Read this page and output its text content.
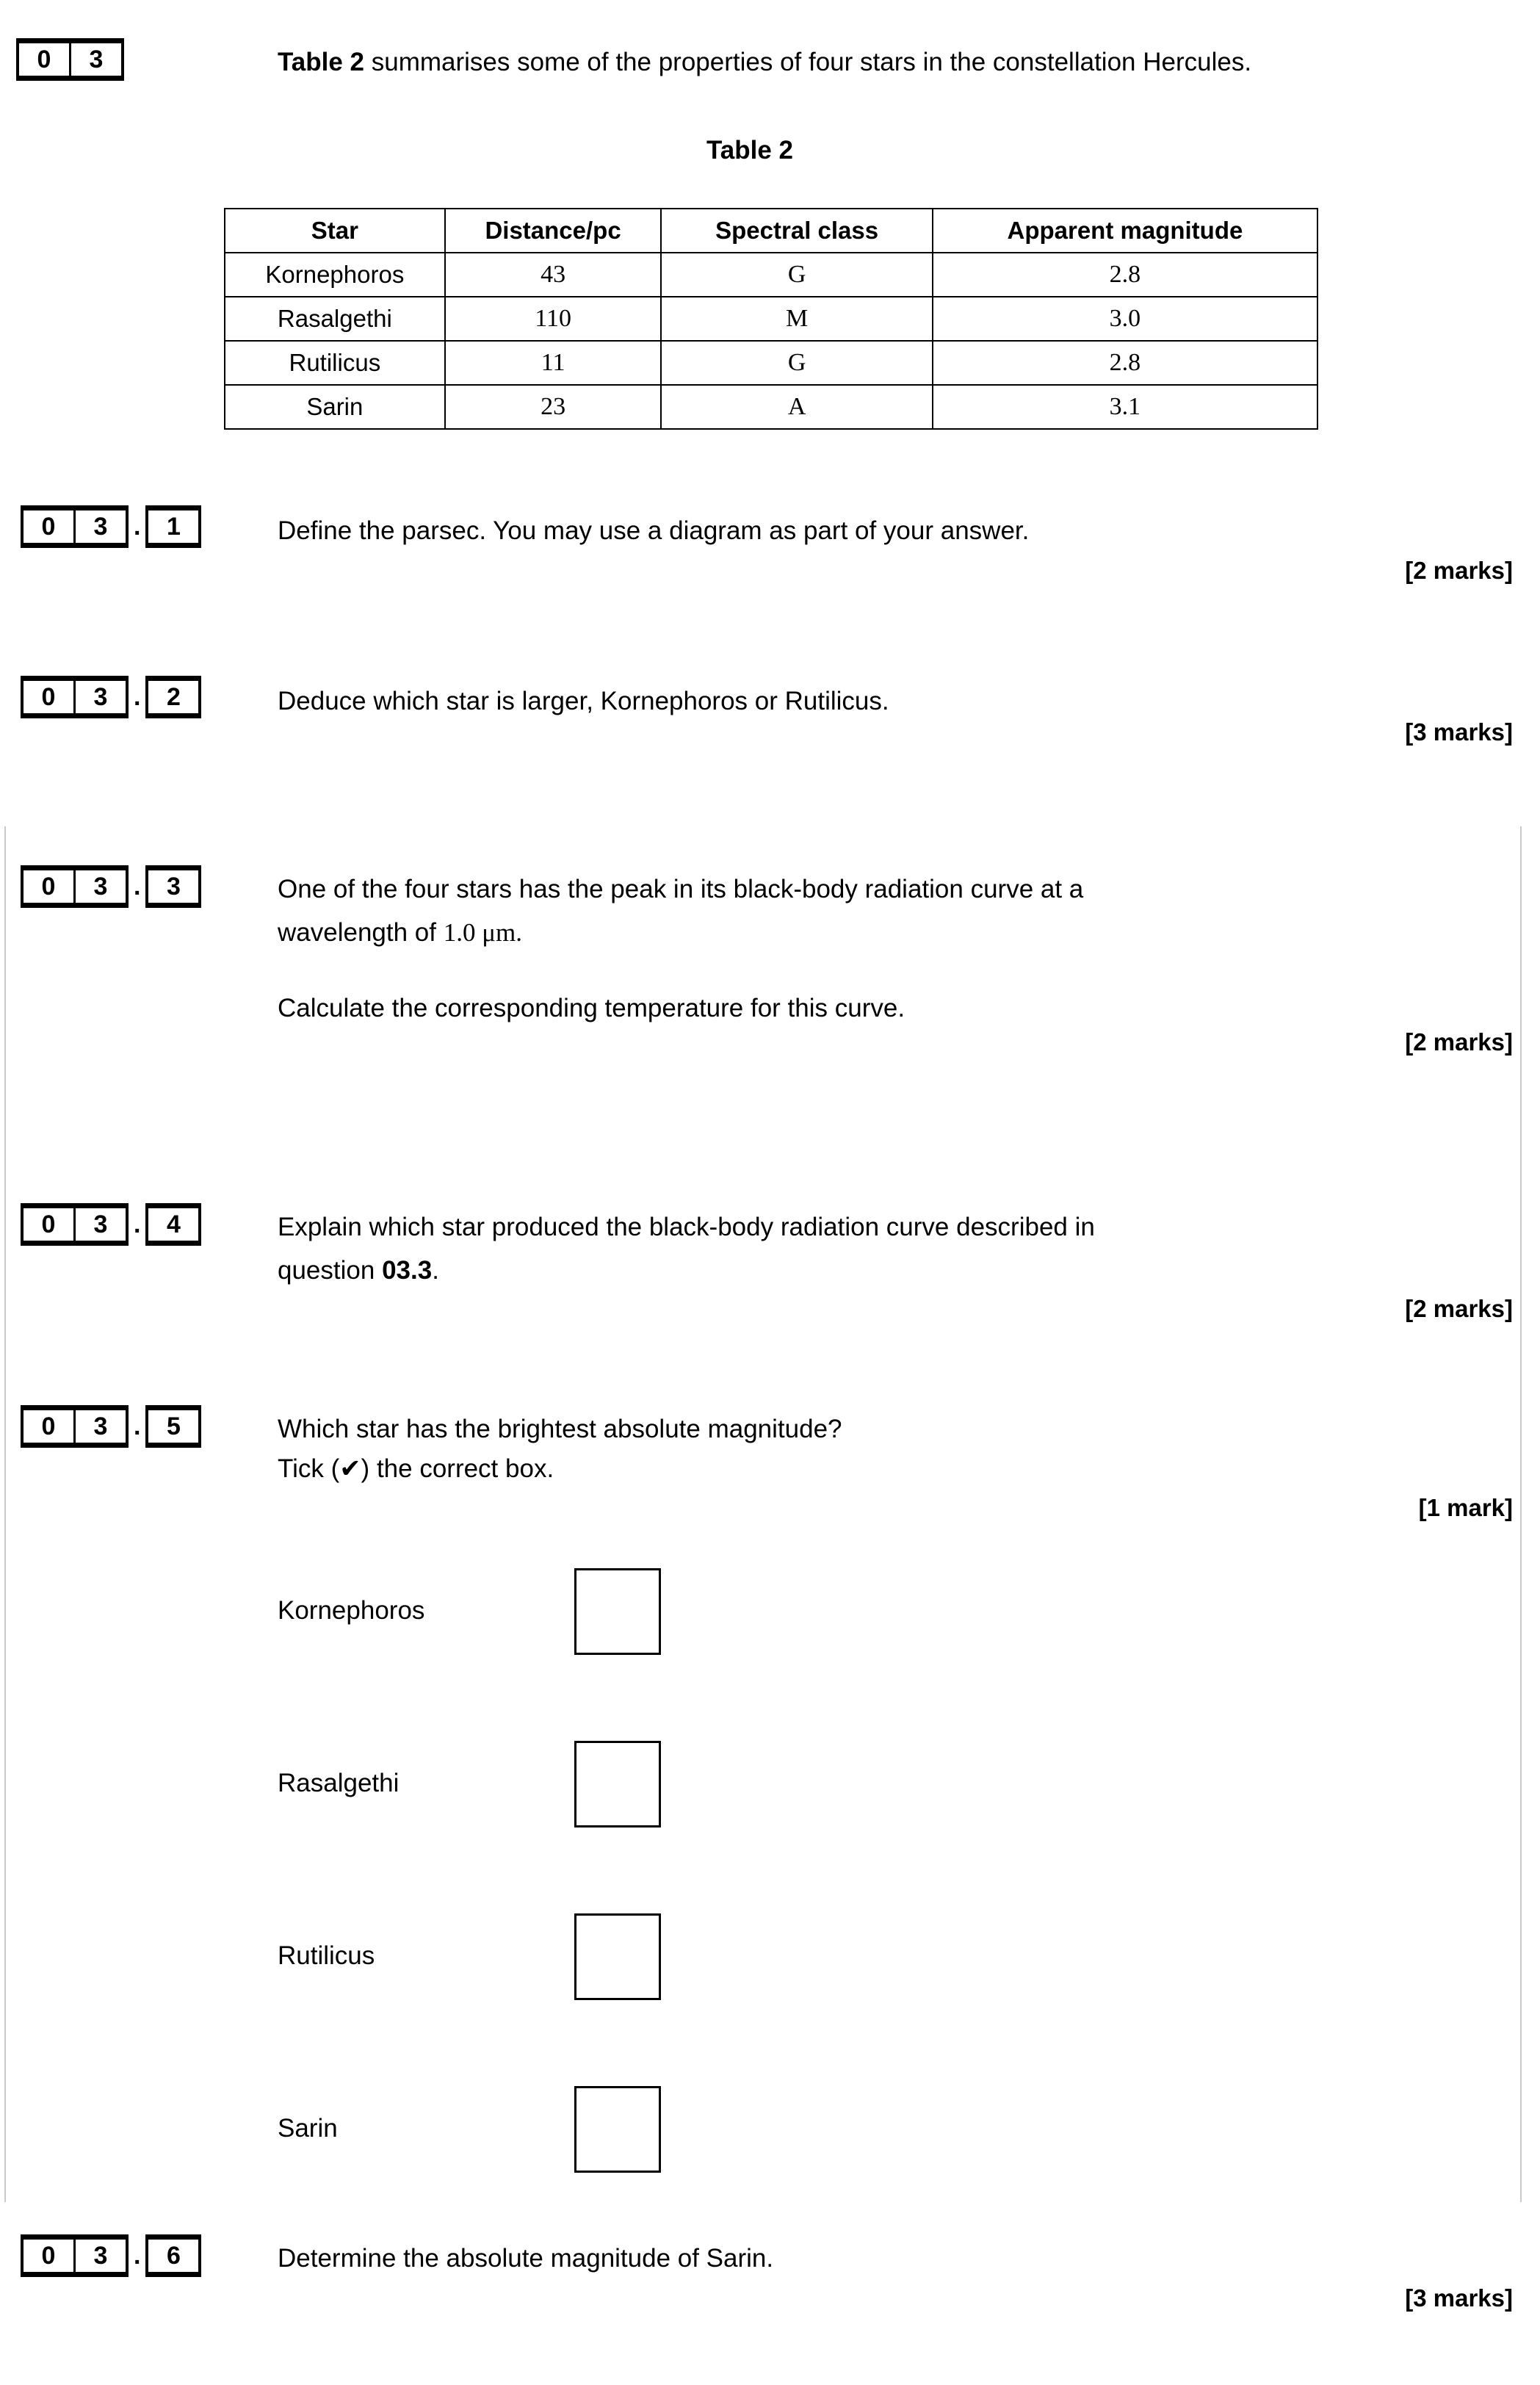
0	3	Table 2 summarises some of the properties of four stars in the constellation Hercules.
Table 2
Star	Distance/pc	Spectral class	Apparent magnitude
Kornephoros	43	G	2.8
Rasalgethi	110	M	3.0
Rutilicus	11	G	2.8
Sarin	23	A	3.1
0	3	.	1	Define the parsec. You may use a diagram as part of your answer.
[2 marks]
0	3	.	2	Deduce which star is larger, Kornephoros or Rutilicus.
[3 marks]
0	3	.	3	One of the four stars has the peak in its black-body radiation curve at a
wavelength of 1.0 μm.
Calculate the corresponding temperature for this curve.
[2 marks]
0	3	.	4	Explain which star produced the black-body radiation curve described in
question 03.3.
[2 marks]
0	3	.	5	Which star has the brightest absolute magnitude?
Tick (✔) the correct box.
[1 mark]
Kornephoros
Rasalgethi
Rutilicus
Sarin
0	3	.	6	Determine the absolute magnitude of Sarin.
[3 marks]
